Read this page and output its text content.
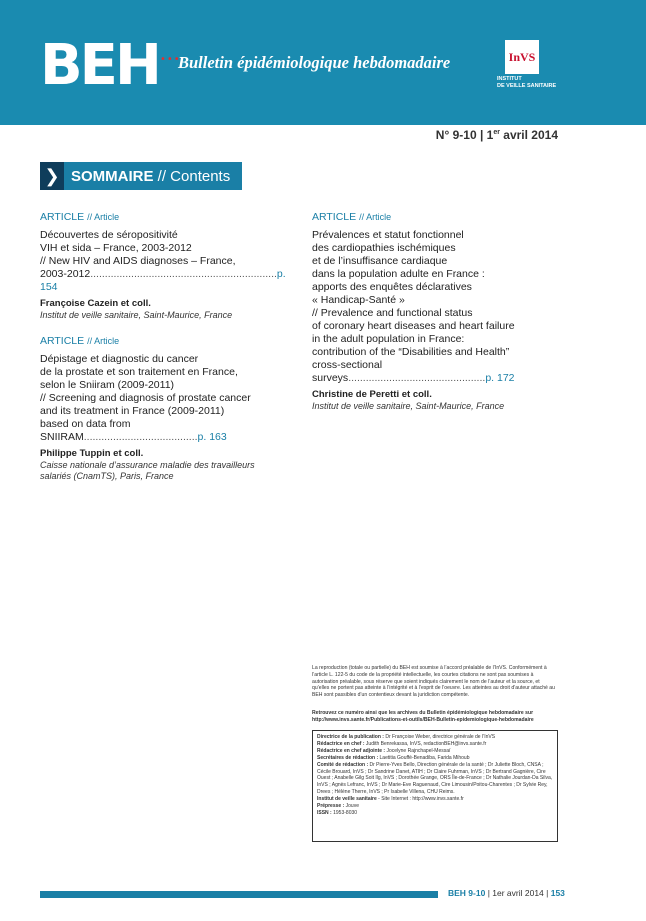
BEH •••
Bulletin épidémiologique hebdomadaire	InVS
INSTITUT
DE VEILLE SANITAIRE
N° 9-10 | 1er avril 2014
❯ SOMMAIRE // Contents
ARTICLE // Article
Découvertes de séropositivité
VIH et sida – France, 2003-2012
// New HIV and AIDS diagnoses – France,
2003-2012................................................................p. 154
Françoise Cazein et coll.
Institut de veille sanitaire, Saint-Maurice, France
ARTICLE // Article
Dépistage et diagnostic du cancer
de la prostate et son traitement en France,
selon le Sniiram (2009-2011)
// Screening and diagnosis of prostate cancer
and its treatment in France (2009-2011)
based on data from SNIIRAM.......................................p. 163
Philippe Tuppin et coll.
Caisse nationale d’assurance maladie des travailleurs salariés (CnamTS), Paris, France
ARTICLE // Article
Prévalences et statut fonctionnel
des cardiopathies ischémiques
et de l’insuffisance cardiaque
dans la population adulte en France :
apports des enquêtes déclaratives
« Handicap-Santé »
// Prevalence and functional status
of coronary heart diseases and heart failure
in the adult population in France:
contribution of the “Disabilities and Health”
cross-sectional surveys...............................................p. 172
Christine de Peretti et coll.
Institut de veille sanitaire, Saint-Maurice, France
La reproduction (totale ou partielle) du BEH est soumise à l’accord préalable de l’InVS. Conformément à l’article L. 122-5 du code de la propriété intellectuelle, les courtes citations ne sont pas soumises à autorisation préalable, sous réserve que soient indiqués clairement le nom de l’auteur et la source, et qu’elles ne portent pas atteinte à l’intégrité et à l’esprit de l’oeuvre. Les atteintes au droit d’auteur attaché au BEH sont passibles d’un contentieux devant la juridiction compétente.
Retrouvez ce numéro ainsi que les archives du Bulletin épidémiologique hebdomadaire sur http://www.invs.sante.fr/Publications-et-outils/BEH-Bulletin-epidemiologique-hebdomadaire
Directrice de la publication : Dr Françoise Weber, directrice générale de l’InVS
Rédactrice en chef : Judith Benrekassa, InVS, redactionBEH@invs.sante.fr
Rédactrice en chef adjointe : Jocelyne Rajnchapel-Messaï
Secrétaires de rédaction : Laetitia Gouffé-Benadiba, Farida Mihoub
Comité de rédaction : Dr Pierre-Yves Bello, Direction générale de la santé ; Dr Juliette Bloch, CNSA ; Cécile Brouard, InVS ; Dr Sandrine Danet, ATIH ; Dr Claire Fuhrman, InVS ; Dr Bertrand Gagnière, Cire Ouest ; Anabelle Gilg Soit Ilg, InVS ; Dorothée Grange, ORS Île-de-France ; Dr Nathalie Jourdan-Da Silva, InVS ; Agnès Lefranc, InVS ; Dr Marie-Eve Raguenaud, Cire Limousin/Poitou-Charentes ; Dr Sylvie Rey, Drees ; Hélène Therre, InVS ; Pr Isabelle Villena, CHU Reims.
Institut de veille sanitaire - Site Internet : http://www.invs.sante.fr
Prépresse : Jouve
ISSN : 1953-8030
BEH 9-10 | 1er avril 2014 | 153
